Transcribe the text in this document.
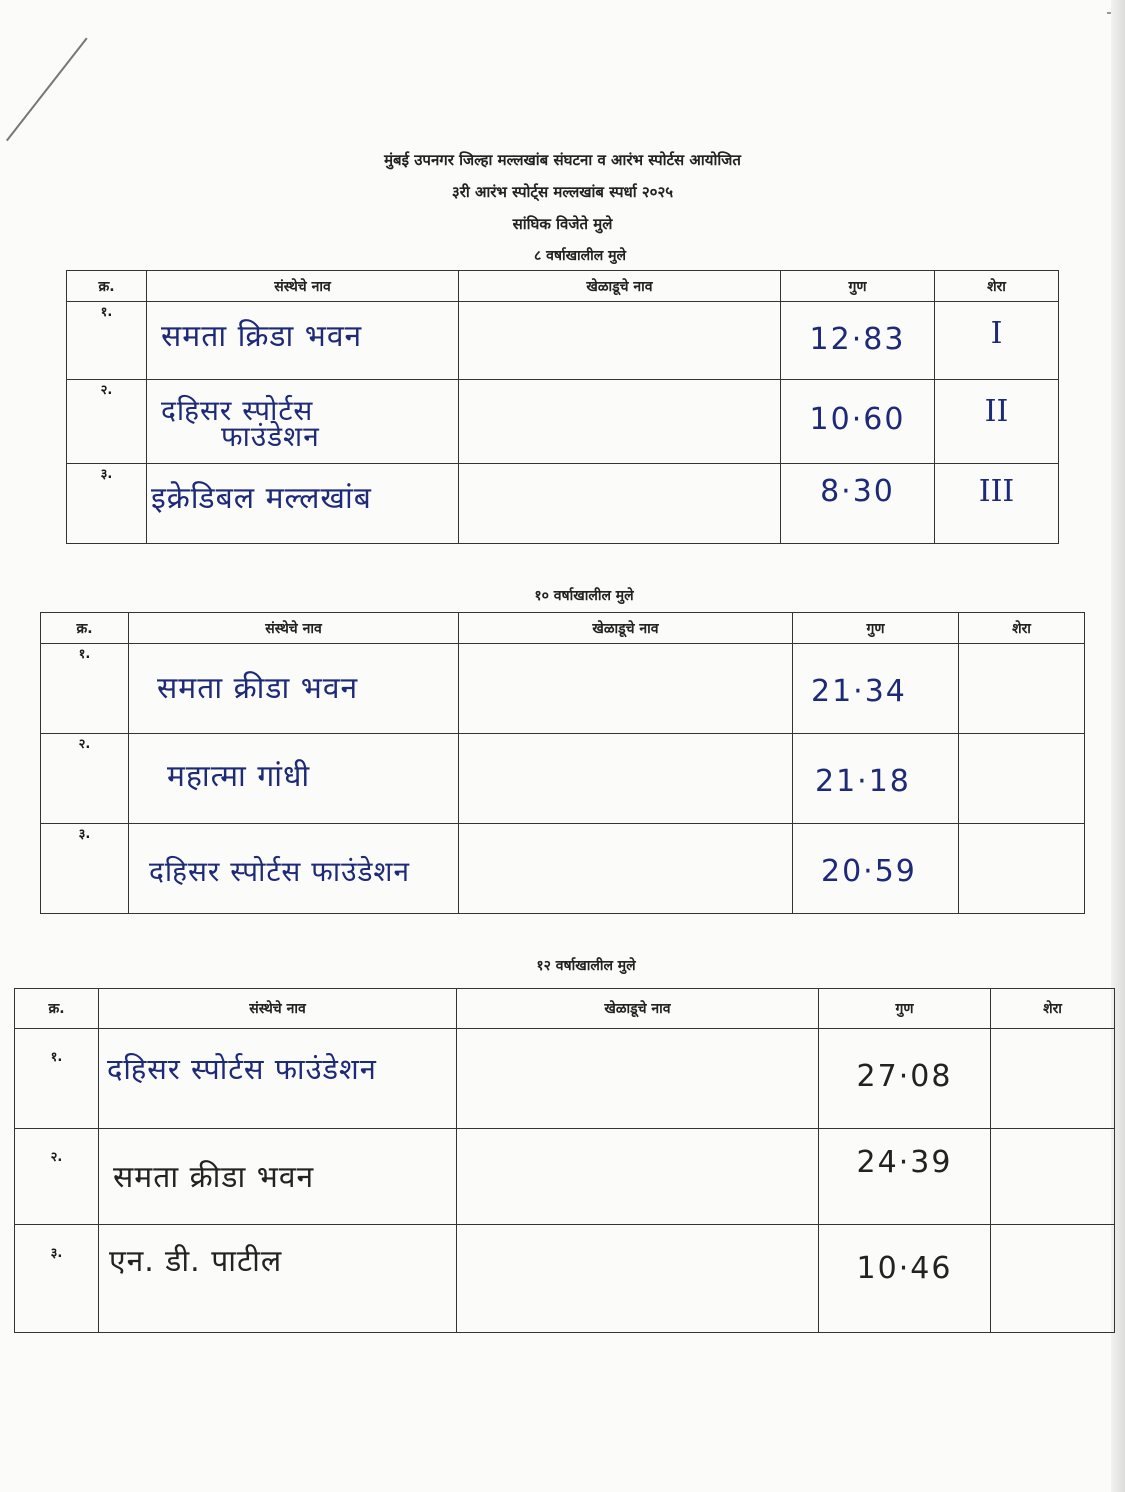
मुंबई उपनगर जिल्हा मल्लखांब संघटना व आरंभ स्पोर्टस आयोजित
३री आरंभ स्पोर्ट्स मल्लखांब स्पर्धा २०२५
सांघिक विजेते मुले
८ वर्षाखालील मुले
क्र.	संस्थेचे नाव	खेळाडूचे नाव	गुण	शेरा
१.	समता क्रिडा भवन		12·83	I

२.	दहिसर स्पोर्टस
फाउंडेशन		10·60	II

३.	इक्रेडिबल मल्लखांब		8·30	III
१० वर्षाखालील मुले
क्र.	संस्थेचे नाव	खेळाडूचे नाव	गुण	शेरा
१.	समता क्रीडा भवन		21·34	

२.	महात्मा गांधी		21·18	

३.	दहिसर स्पोर्टस फाउंडेशन		20·59	

१२ वर्षाखालील मुले
क्र.	संस्थेचे नाव	खेळाडूचे नाव	गुण	शेरा
१.	दहिसर स्पोर्टस फाउंडेशन		27·08	

२.	समता क्रीडा भवन		24·39	

३.	एन. डी. पाटील		10·46	
